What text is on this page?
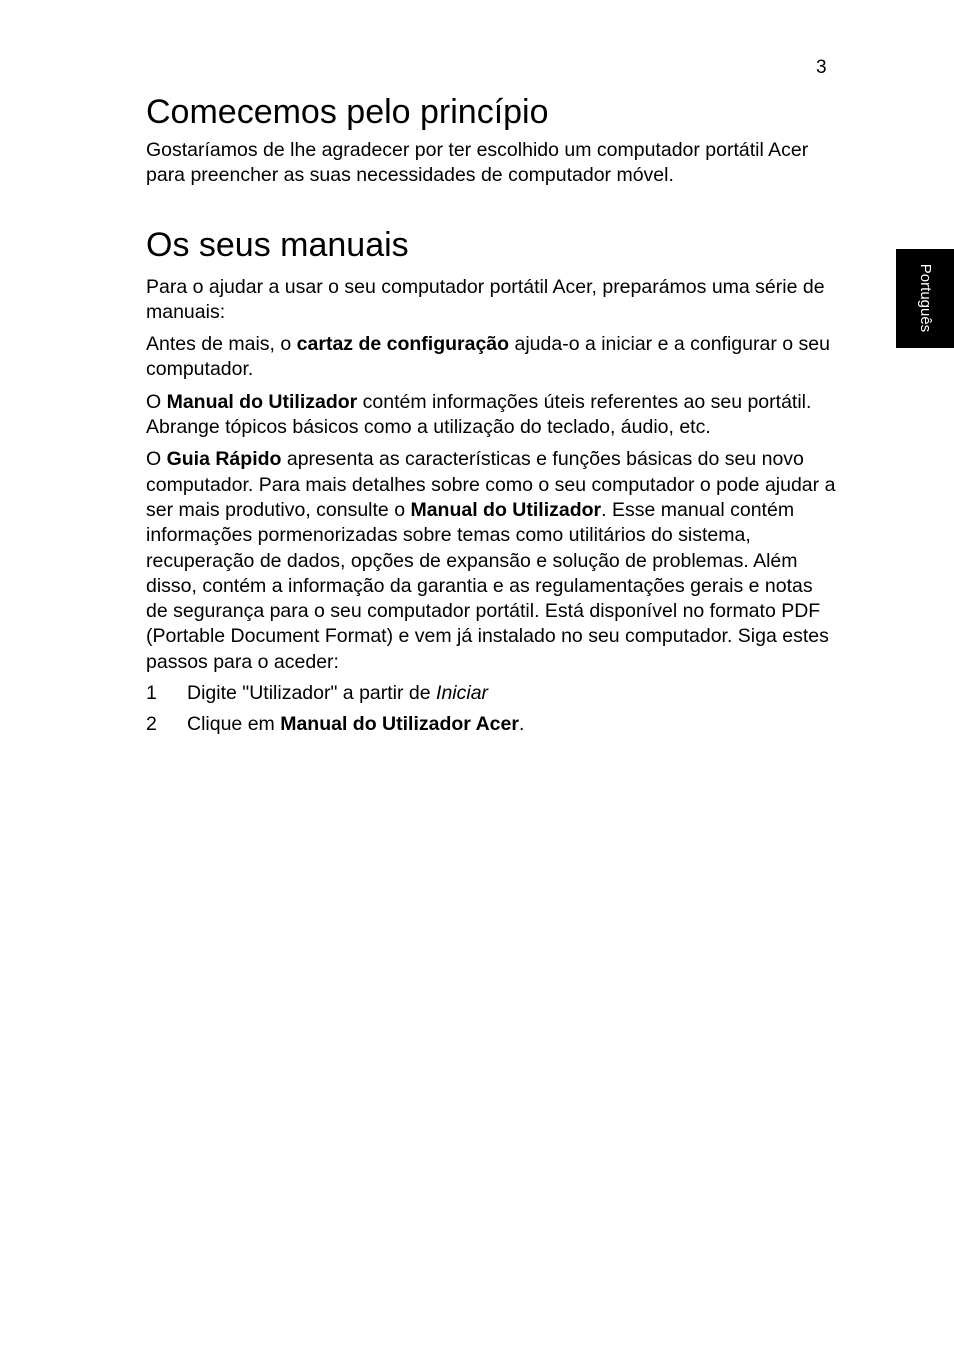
3
Português
Comecemos pelo princípio

Gostaríamos de lhe agradecer por ter escolhido um computador portátil Acer para preencher as suas necessidades de computador móvel.

Os seus manuais

Para o ajudar a usar o seu computador portátil Acer, preparámos uma série de manuais:

Antes de mais, o cartaz de configuração ajuda-o a iniciar e a configurar o seu computador.

O Manual do Utilizador contém informações úteis referentes ao seu portátil. Abrange tópicos básicos como a utilização do teclado, áudio, etc.

O Guia Rápido apresenta as características e funções básicas do seu novo computador. Para mais detalhes sobre como o seu computador o pode ajudar a ser mais produtivo, consulte o Manual do Utilizador. Esse manual contém informações pormenorizadas sobre temas como utilitários do sistema, recuperação de dados, opções de expansão e solução de problemas. Além disso, contém a informação da garantia e as regulamentações gerais e notas de segurança para o seu computador portátil. Está disponível no formato PDF (Portable Document Format) e vem já instalado no seu computador. Siga estes passos para o aceder:

1 Digite "Utilizador" a partir de Iniciar
2 Clique em Manual do Utilizador Acer.
